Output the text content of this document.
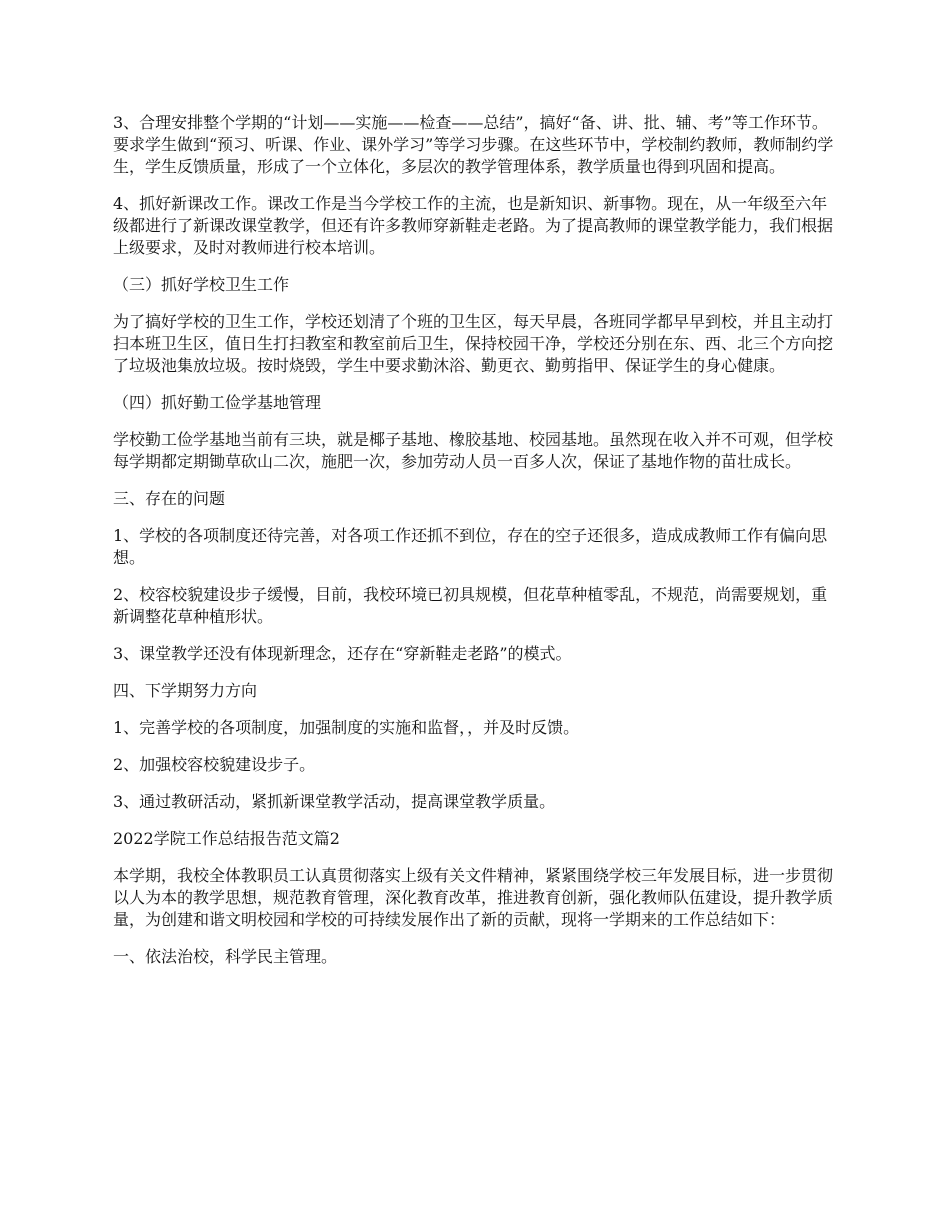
3、合理安排整个学期的“计划——实施——检查——总结”，搞好“备、讲、批、辅、考”等工作环节。要求学生做到“预习、听课、作业、课外学习”等学习步骤。在这些环节中，学校制约教师，教师制约学生，学生反馈质量，形成了一个立体化，多层次的教学管理体系，教学质量也得到巩固和提高。

4、抓好新课改工作。课改工作是当今学校工作的主流，也是新知识、新事物。现在，从一年级至六年级都进行了新课改课堂教学，但还有许多教师穿新鞋走老路。为了提高教师的课堂教学能力，我们根据上级要求，及时对教师进行校本培训。

（三）抓好学校卫生工作

为了搞好学校的卫生工作，学校还划清了个班的卫生区，每天早晨，各班同学都早早到校，并且主动打扫本班卫生区，值日生打扫教室和教室前后卫生，保持校园干净，学校还分别在东、西、北三个方向挖了垃圾池集放垃圾。按时烧毁，学生中要求勤沐浴、勤更衣、勤剪指甲、保证学生的身心健康。

（四）抓好勤工俭学基地管理

学校勤工俭学基地当前有三块，就是椰子基地、橡胶基地、校园基地。虽然现在收入并不可观，但学校每学期都定期锄草砍山二次，施肥一次，参加劳动人员一百多人次，保证了基地作物的苗壮成长。

三、存在的问题

1、学校的各项制度还待完善，对各项工作还抓不到位，存在的空子还很多，造成成教师工作有偏向思想。

2、校容校貌建设步子缓慢，目前，我校环境已初具规模，但花草种植零乱，不规范，尚需要规划，重新调整花草种植形状。

3、课堂教学还没有体现新理念，还存在“穿新鞋走老路”的模式。

四、下学期努力方向

1、完善学校的各项制度，加强制度的实施和监督，，并及时反馈。

2、加强校容校貌建设步子。

3、通过教研活动，紧抓新课堂教学活动，提高课堂教学质量。

2022学院工作总结报告范文篇2

本学期，我校全体教职员工认真贯彻落实上级有关文件精神，紧紧围绕学校三年发展目标，进一步贯彻以人为本的教学思想，规范教育管理，深化教育改革，推进教育创新，强化教师队伍建设，提升教学质量，为创建和谐文明校园和学校的可持续发展作出了新的贡献，现将一学期来的工作总结如下：

一、依法治校，科学民主管理。
